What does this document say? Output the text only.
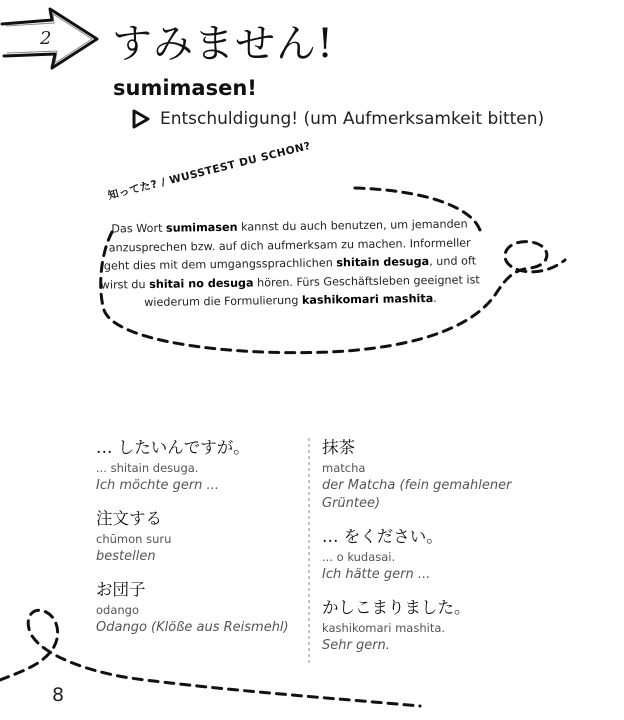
2 すみません!
sumimasen!
Entschuldigung! (um Aufmerksamkeit bitten)
知ってた? / WUSSTEST DU SCHON?
Das Wort sumimasen kannst du auch benutzen, um jemanden anzusprechen bzw. auf dich aufmerksam zu machen. Informeller geht dies mit dem umgangssprachlichen shitain desuga, und oft wirst du shitai no desuga hören. Fürs Geschäftsleben geeignet ist wiederum die Formulierung kashikomari mashita.
… したいんですが。
... shitain desuga.
Ich möchte gern ...
注文する
chūmon suru
bestellen
お団子
odango
Odango (Klöße aus Reismehl)
抹茶
matcha
der Matcha (fein gemahlener Grüntee)
… をください。
... o kudasai.
Ich hätte gern ...
かしこまりました。
kashikomari mashita.
Sehr gern.
8
